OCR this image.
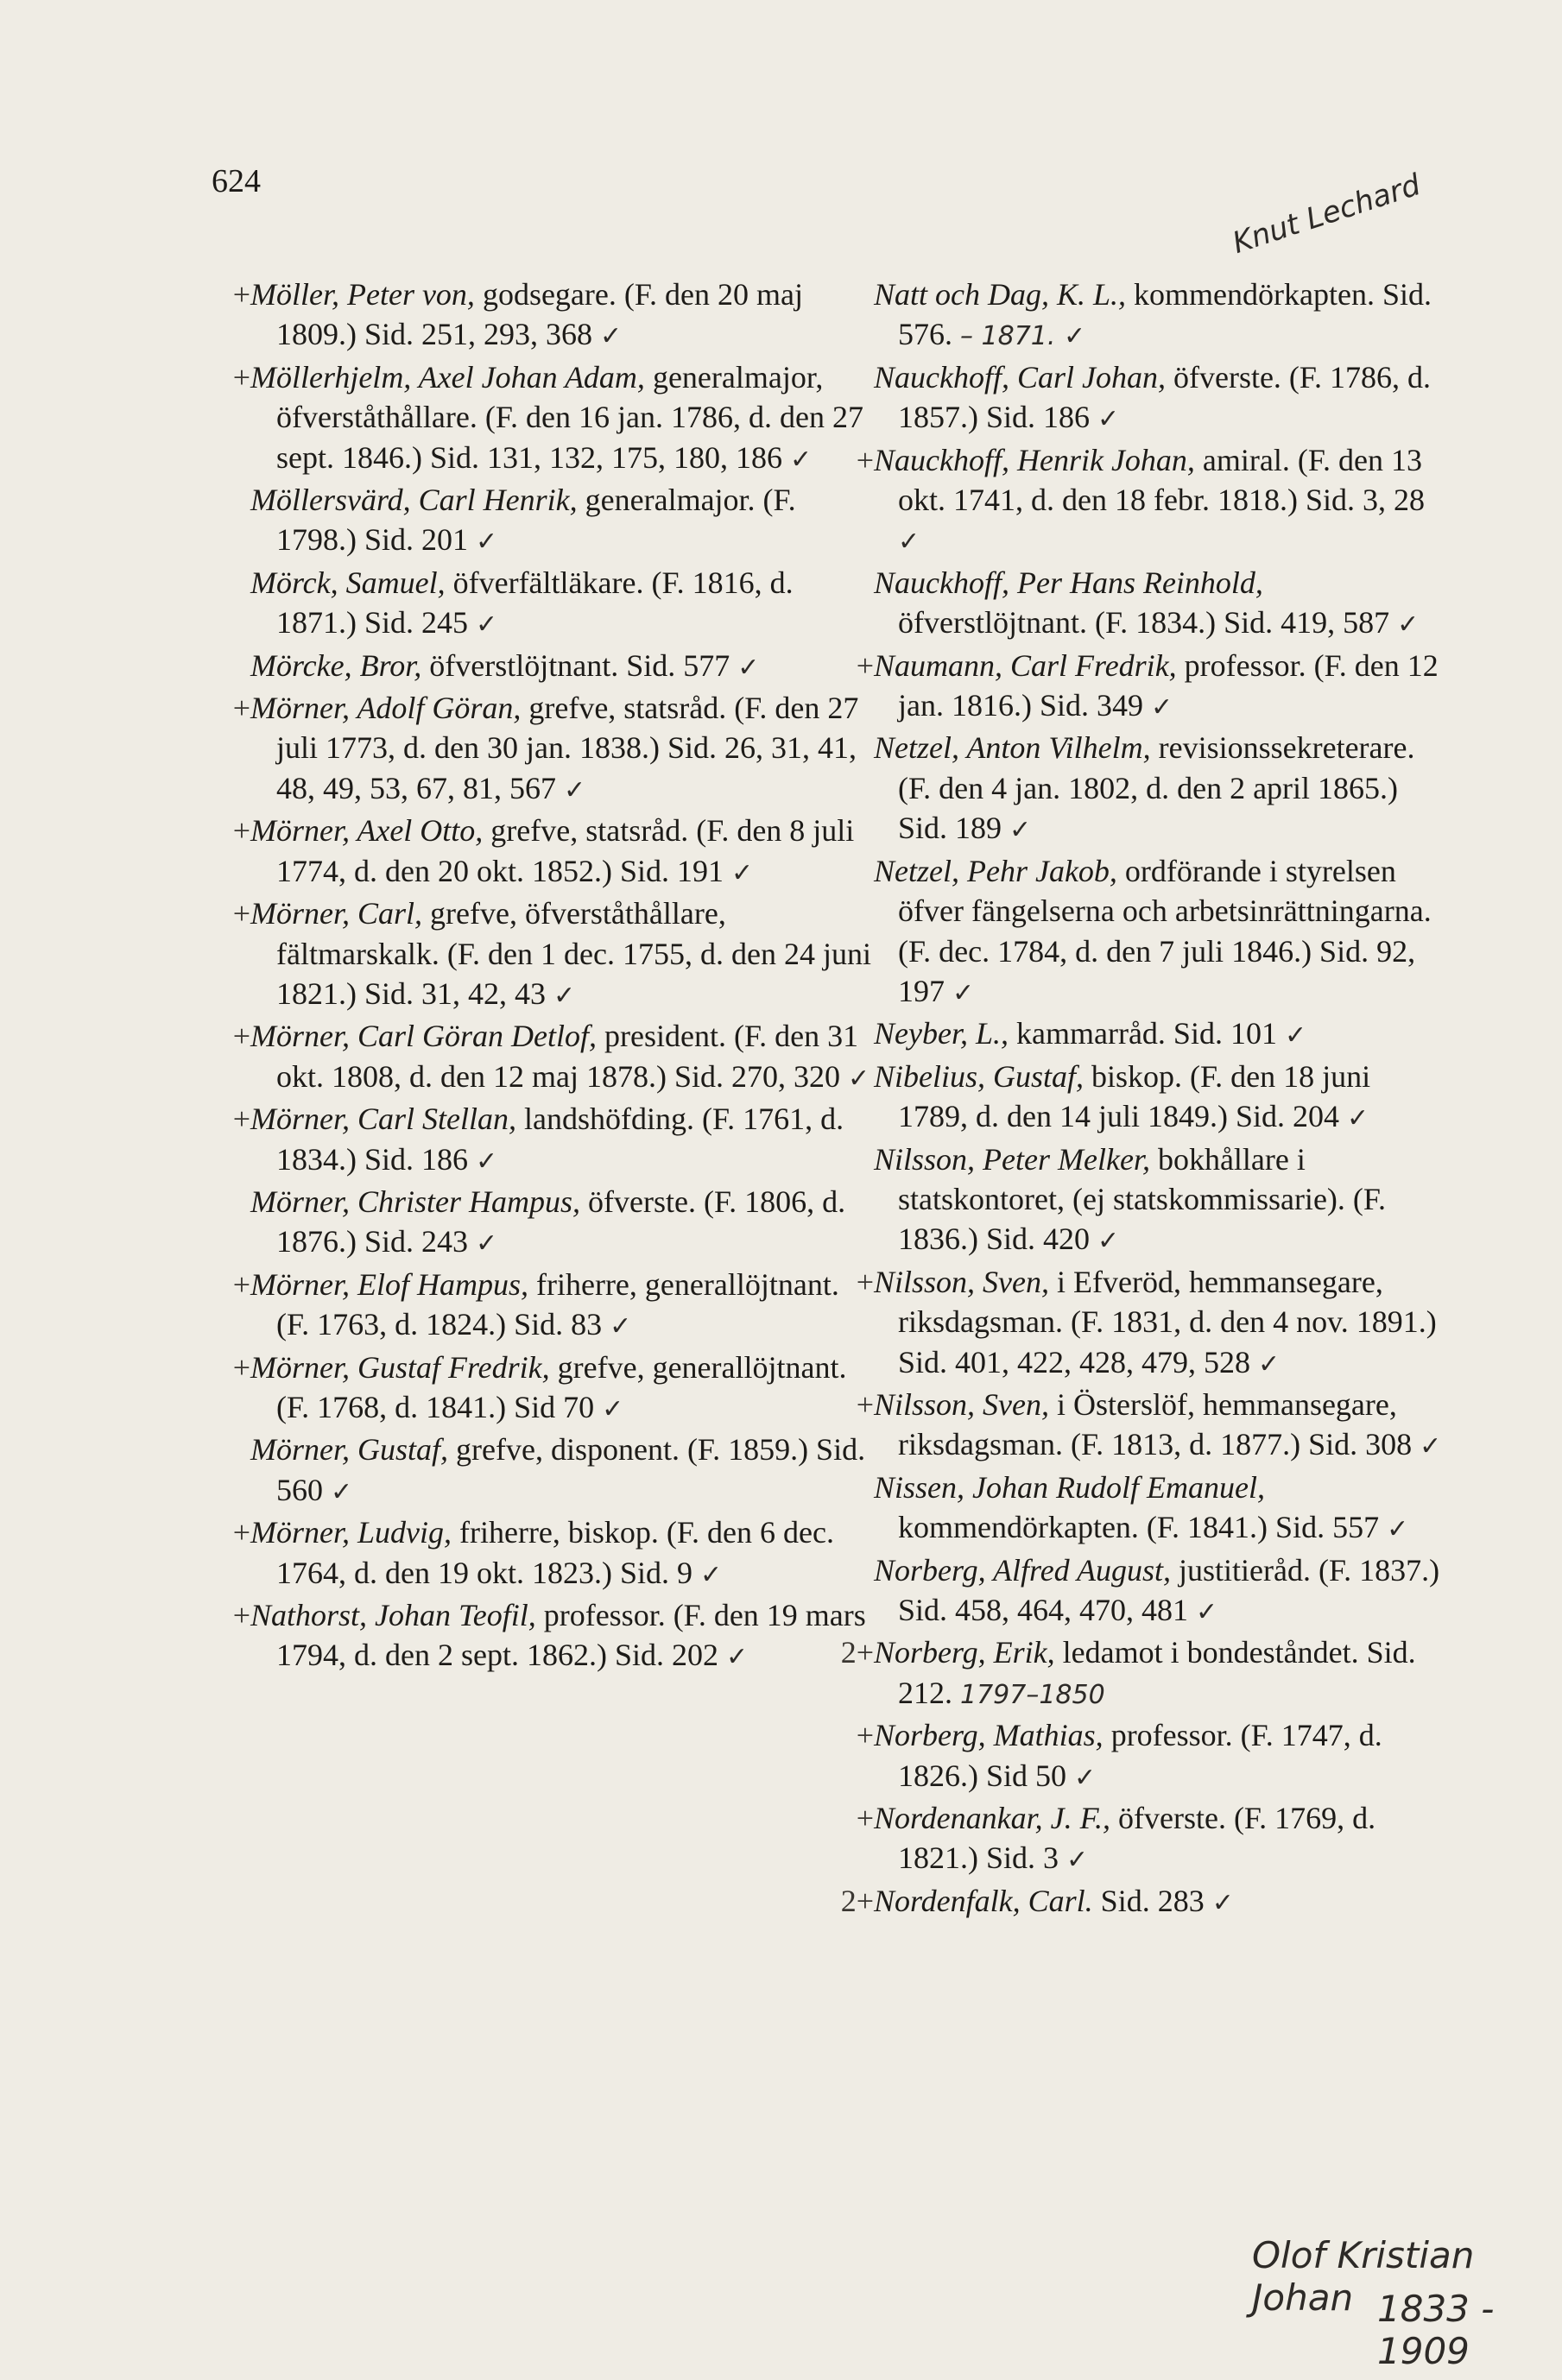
624	Knut Lechard
+ Möller, Peter von, godsegare. (F. den 20 maj 1809.) Sid. 251, 293, 368 ✓
+ Möllerhjelm, Axel Johan Adam, generalmajor, öfverståthållare. (F. den 16 jan. 1786, d. den 27 sept. 1846.) Sid. 131, 132, 175, 180, 186 ✓
Möllersvärd, Carl Henrik, generalmajor. (F. 1798.) Sid. 201 ✓
Mörck, Samuel, öfverfältläkare. (F. 1816, d. 1871.) Sid. 245 ✓
Mörcke, Bror, öfverstlöjtnant. Sid. 577 ✓
+ Mörner, Adolf Göran, grefve, statsråd. (F. den 27 juli 1773, d. den 30 jan. 1838.) Sid. 26, 31, 41, 48, 49, 53, 67, 81, 567 ✓
+ Mörner, Axel Otto, grefve, statsråd. (F. den 8 juli 1774, d. den 20 okt. 1852.) Sid. 191 ✓
+ Mörner, Carl, grefve, öfverståthållare, fältmarskalk. (F. den 1 dec. 1755, d. den 24 juni 1821.) Sid. 31, 42, 43 ✓
+ Mörner, Carl Göran Detlof, president. (F. den 31 okt. 1808, d. den 12 maj 1878.) Sid. 270, 320 ✓
+ Mörner, Carl Stellan, landshöfding. (F. 1761, d. 1834.) Sid. 186 ✓
Mörner, Christer Hampus, öfverste. (F. 1806, d. 1876.) Sid. 243 ✓
+ Mörner, Elof Hampus, friherre, generallöjtnant. (F. 1763, d. 1824.) Sid. 83 ✓
+ Mörner, Gustaf Fredrik, grefve, generallöjtnant. (F. 1768, d. 1841.) Sid 70 ✓
Mörner, Gustaf, grefve, disponent. (F. 1859.) Sid. 560 ✓
+ Mörner, Ludvig, friherre, biskop. (F. den 6 dec. 1764, d. den 19 okt. 1823.) Sid. 9 ✓
+ Nathorst, Johan Teofil, professor. (F. den 19 mars 1794, d. den 2 sept. 1862.) Sid. 202 ✓
Natt och Dag, K. L., kommendörkapten. Sid. 576. – 1871. ✓
Nauckhoff, Carl Johan, öfverste. (F. 1786, d. 1857.) Sid. 186 ✓
+ Nauckhoff, Henrik Johan, amiral. (F. den 13 okt. 1741, d. den 18 febr. 1818.) Sid. 3, 28 ✓
Nauckhoff, Per Hans Reinhold, öfverstlöjtnant. (F. 1834.) Sid. 419, 587 ✓
+ Naumann, Carl Fredrik, professor. (F. den 12 jan. 1816.) Sid. 349 ✓
Netzel, Anton Vilhelm, revisionssekreterare. (F. den 4 jan. 1802, d. den 2 april 1865.) Sid. 189 ✓
Netzel, Pehr Jakob, ordförande i styrelsen öfver fängelserna och arbetsinrättningarna. (F. dec. 1784, d. den 7 juli 1846.) Sid. 92, 197 ✓
Neyber, L., kammarråd. Sid. 101 ✓
Nibelius, Gustaf, biskop. (F. den 18 juni 1789, d. den 14 juli 1849.) Sid. 204 ✓
Nilsson, Peter Melker, bokhållare i statskontoret, (ej statskommissarie). (F. 1836.) Sid. 420 ✓
+ Nilsson, Sven, i Efveröd, hemmansegare, riksdagsman. (F. 1831, d. den 4 nov. 1891.) Sid. 401, 422, 428, 479, 528 ✓
+ Nilsson, Sven, i Österslöf, hemmansegare, riksdagsman. (F. 1813, d. 1877.) Sid. 308 ✓
Nissen, Johan Rudolf Emanuel, kommendörkapten. (F. 1841.) Sid. 557 ✓
Norberg, Alfred August, justitieråd. (F. 1837.) Sid. 458, 464, 470, 481 ✓
2+ Norberg, Erik, ledamot i bondeståndet. Sid. 212. 1797–1850
+ Norberg, Mathias, professor. (F. 1747, d. 1826.) Sid 50 ✓
+ Nordenankar, J. F., öfverste. (F. 1769, d. 1821.) Sid. 3 ✓
2+ Nordenfalk, Carl. Sid. 283 ✓
Olof Kristian Johan 1833 - 1909
